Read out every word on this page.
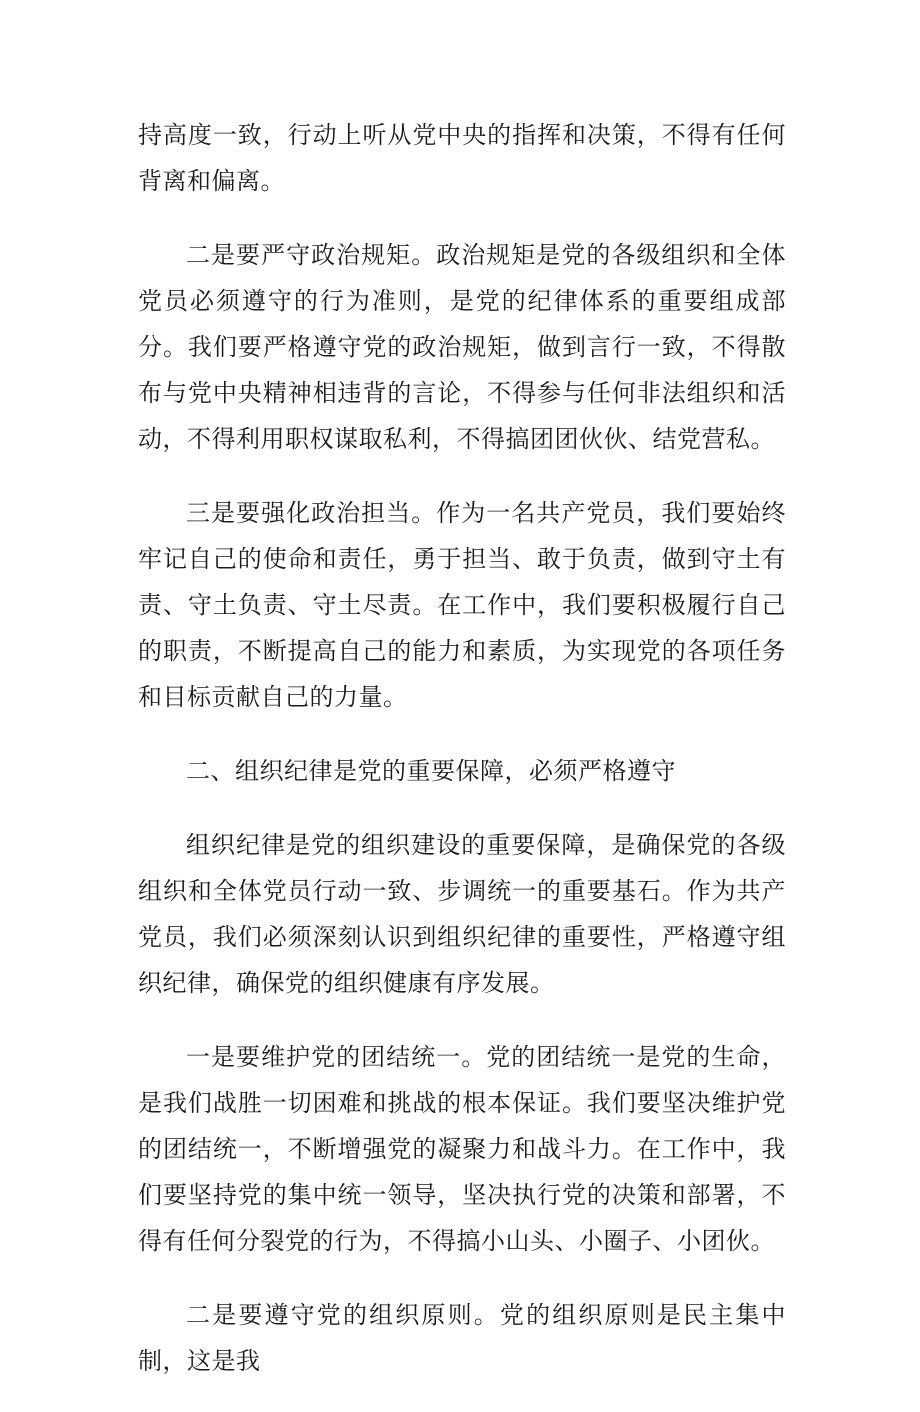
持高度一致，行动上听从党中央的指挥和决策，不得有任何背离和偏离。

二是要严守政治规矩。政治规矩是党的各级组织和全体党员必须遵守的行为准则，是党的纪律体系的重要组成部分。我们要严格遵守党的政治规矩，做到言行一致，不得散布与党中央精神相违背的言论，不得参与任何非法组织和活动，不得利用职权谋取私利，不得搞团团伙伙、结党营私。

三是要强化政治担当。作为一名共产党员，我们要始终牢记自己的使命和责任，勇于担当、敢于负责，做到守土有责、守土负责、守土尽责。在工作中，我们要积极履行自己的职责，不断提高自己的能力和素质，为实现党的各项任务和目标贡献自己的力量。

二、组织纪律是党的重要保障，必须严格遵守

组织纪律是党的组织建设的重要保障，是确保党的各级组织和全体党员行动一致、步调统一的重要基石。作为共产党员，我们必须深刻认识到组织纪律的重要性，严格遵守组织纪律，确保党的组织健康有序发展。

一是要维护党的团结统一。党的团结统一是党的生命，是我们战胜一切困难和挑战的根本保证。我们要坚决维护党的团结统一，不断增强党的凝聚力和战斗力。在工作中，我们要坚持党的集中统一领导，坚决执行党的决策和部署，不得有任何分裂党的行为，不得搞小山头、小圈子、小团伙。

二是要遵守党的组织原则。党的组织原则是民主集中制，这是我
